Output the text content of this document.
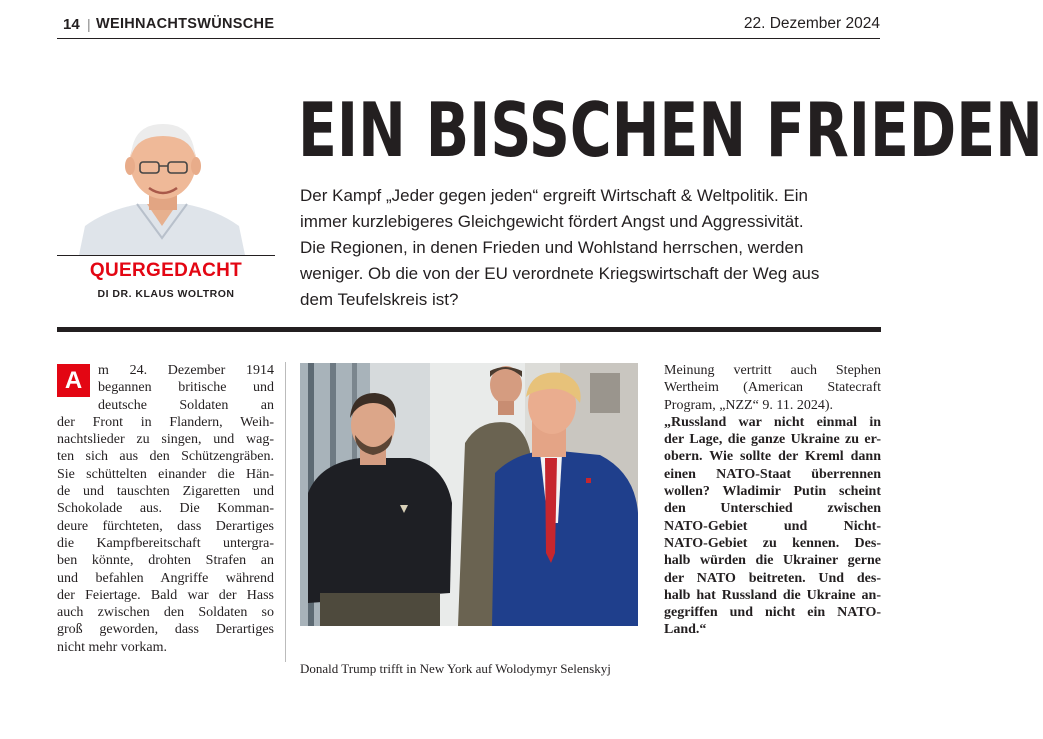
14 | WEIHNACHTSWÜNSCHE	22. Dezember 2024
QUERGEDACHT
DI DR. KLAUS WOLTRON
EIN BISSCHEN FRIEDEN
Der Kampf „Jeder gegen jeden“ ergreift Wirtschaft & Weltpolitik. Ein
immer kurzlebigeres Gleichgewicht fördert Angst und Aggressivität.
Die Regionen, in denen Frieden und Wohlstand herrschen, werden
weniger. Ob die von der EU verordnete Kriegswirtschaft der Weg aus
dem Teufelskreis ist?
A	m 24. Dezember 1914
begannen britische und
deutsche Soldaten an
der Front in Flandern, Weih-
nachtslieder zu singen, und wag-
ten sich aus den Schützengräben.
Sie schüttelten einander die Hän-
de und tauschten Zigaretten und
Schokolade aus. Die Komman-
deure fürchteten, dass Derartiges
die Kampfbereitschaft untergra-
ben könnte, drohten Strafen an
und befahlen Angriffe während
der Feiertage. Bald war der Hass
auch zwischen den Soldaten so
groß geworden, dass Derartiges
nicht mehr vorkam.
Donald Trump trifft in New York auf Wolodymyr Selenskyj
Meinung vertritt auch Stephen
Wertheim (American Statecraft
Program, „NZZ“ 9. 11. 2024).
„Russland war nicht einmal in
der Lage, die ganze Ukraine zu er-
obern. Wie sollte der Kreml dann
einen NATO-Staat überrennen
wollen? Wladimir Putin scheint
den Unterschied zwischen
NATO-Gebiet und Nicht-
NATO-Gebiet zu kennen. Des-
halb würden die Ukrainer gerne
der NATO beitreten. Und des-
halb hat Russland die Ukraine an-
gegriffen und nicht ein NATO-
Land.“
